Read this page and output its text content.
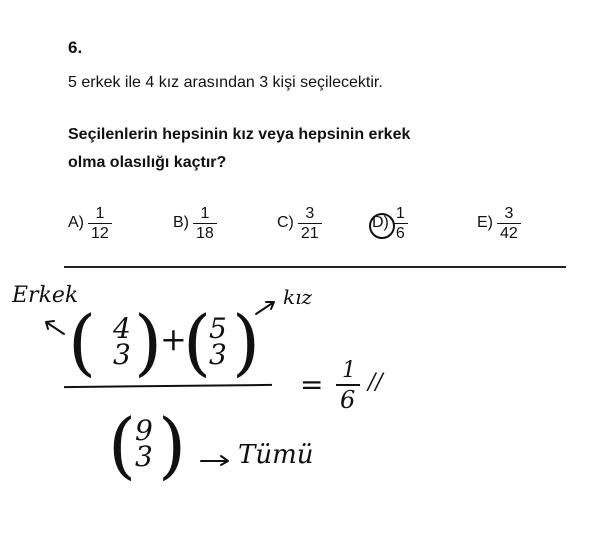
6.
5 erkek ile 4 kız arasından 3 kişi seçilecektir.
Seçilenlerin hepsinin kız veya hepsinin erkek
olma olasılığı kaçtır?
$A) \frac{1}{12}$	$B) \frac{1}{18}$	$C) \frac{3}{21}$	$D) \frac{1}{6}$	$E) \frac{3}{42}$
Erkek
( 4
3 )
+
(
5
3 )
kız
(
9
3 ) Tümü
= 1
6
//
